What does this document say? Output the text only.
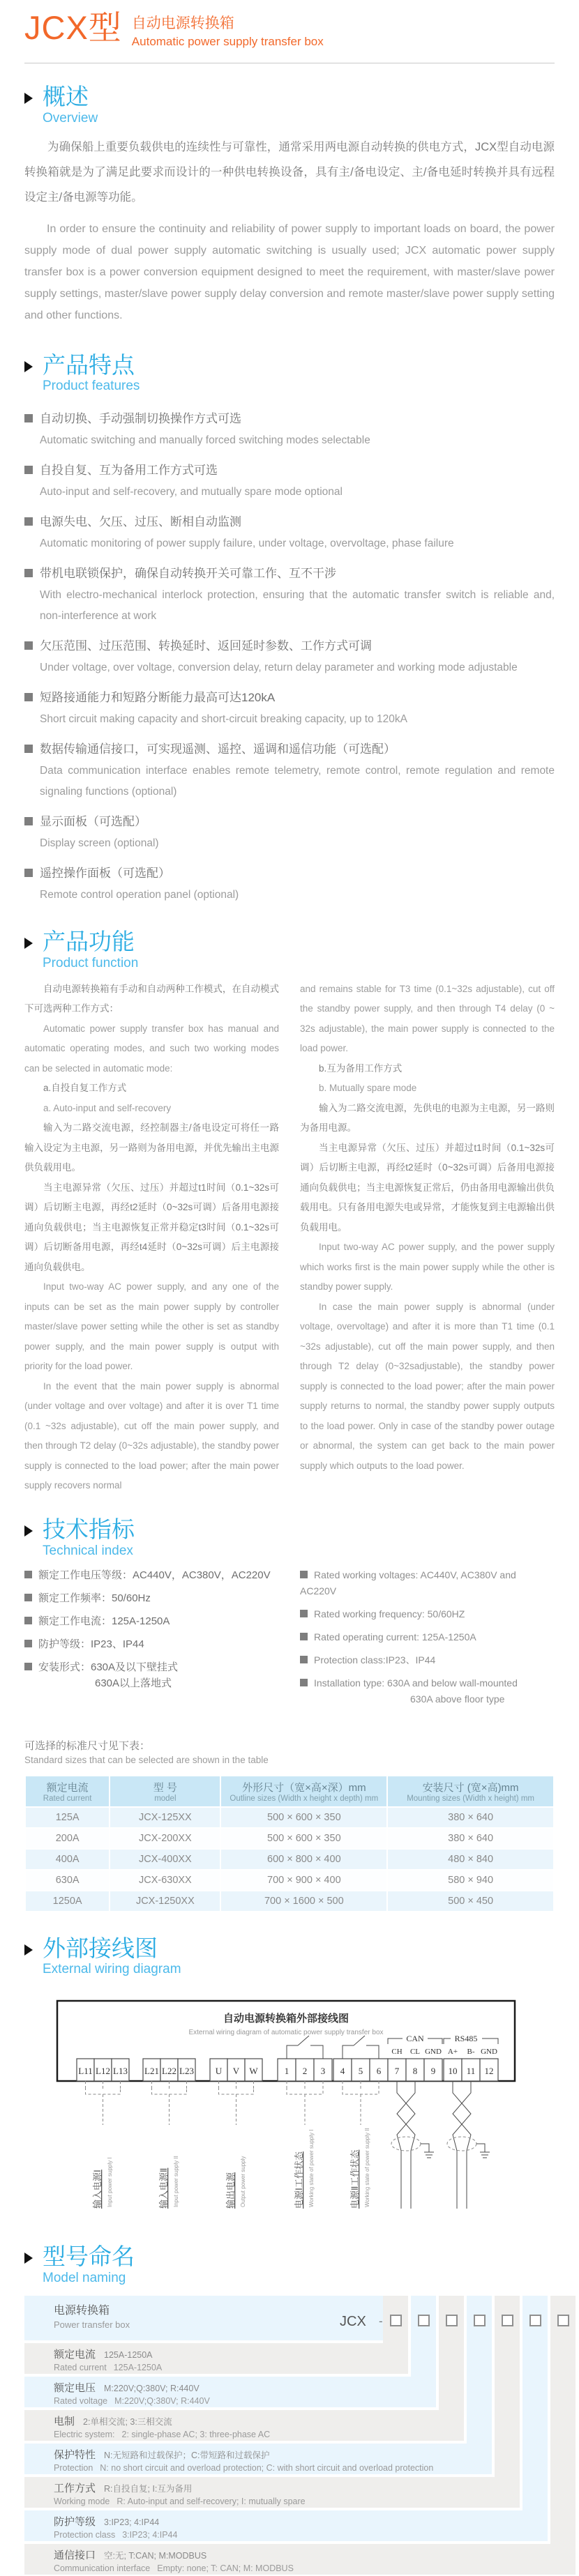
JCX型 自动电源转换箱
Automatic power supply transfer box
概述
Overview

为确保船上重要负载供电的连续性与可靠性，通常采用两电源自动转换的供电方式，JCX型自动电源转换箱就是为了满足此要求而设计的一种供电转换设备，具有主/备电设定、主/备电延时转换并具有远程设定主/备电源等功能。

In order to ensure the continuity and reliability of power supply to important loads on board, the power supply mode of dual power supply automatic switching is usually used; JCX automatic power supply transfer box is a power conversion equipment designed to meet the requirement, with master/slave power supply settings, master/slave power supply delay conversion and remote master/slave power supply setting and other functions.

产品特点
Product features
自动切换、手动强制切换操作方式可选
Automatic switching and manually forced switching modes selectable
自投自复、互为备用工作方式可选
Auto-input and self-recovery, and mutually spare mode optional
电源失电、欠压、过压、断相自动监测
Automatic monitoring of power supply failure, under voltage, overvoltage, phase failure
带机电联锁保护，确保自动转换开关可靠工作、互不干涉
With electro-mechanical interlock protection, ensuring that the automatic transfer switch is reliable and, non-interference at work
欠压范围、过压范围、转换延时、返回延时参数、工作方式可调
Under voltage, over voltage, conversion delay, return delay parameter and working mode adjustable
短路接通能力和短路分断能力最高可达120kA
Short circuit making capacity and short-circuit breaking capacity, up to 120kA
数据传输通信接口，可实现遥测、遥控、遥调和遥信功能（可选配）
Data communication interface enables remote telemetry, remote control, remote regulation and remote signaling functions (optional)
显示面板（可选配）
Display screen (optional)
遥控操作面板（可选配）
Remote control operation panel (optional)
产品功能
Product function

自动电源转换箱有手动和自动两种工作模式，在自动模式下可选两种工作方式：

Automatic power supply transfer box has manual and automatic operating modes, and such two working modes can be selected in automatic mode:

a.自投自复工作方式

a. Auto-input and self-recovery

输入为二路交流电源，经控制器主/备电设定可将任一路输入设定为主电源，另一路则为备用电源，并优先输出主电源供负载用电。

当主电源异常（欠压、过压）并超过t1时间（0.1~32s可调）后切断主电源，再经t2延时（0~32s可调）后备用电源接通向负载供电；当主电源恢复正常并稳定t3时间（0.1~32s可调）后切断备用电源，再经t4延时（0~32s可调）后主电源接通向负载供电。

Input two-way AC power supply, and any one of the inputs can be set as the main power supply by controller master/slave power setting while the other is set as standby power supply, and the main power supply is output with priority for the load power.

In the event that the main power supply is abnormal (under voltage and over voltage) and after it is over T1 time (0.1 ~32s adjustable), cut off the main power supply, and then through T2 delay (0~32s adjustable), the standby power supply is connected to the load power; after the main power supply recovers normal

and remains stable for T3 time (0.1~32s adjustable), cut off the standby power supply, and then through T4 delay (0 ~ 32s adjustable), the main power supply is connected to the load power.

b.互为备用工作方式

b. Mutually spare mode

输入为二路交流电源，先供电的电源为主电源，另一路则为备用电源。

当主电源异常（欠压、过压）并超过t1时间（0.1~32s可调）后切断主电源，再经t2延时（0~32s可调）后备用电源接通向负载供电；当主电源恢复正常后，仍由备用电源输出供负载用电。只有备用电源失电或异常，才能恢复到主电源输出供负载用电。

Input two-way AC power supply, and the power supply which works first is the main power supply while the other is standby power supply.

In case the main power supply is abnormal (under voltage, overvoltage) and after it is more than T1 time (0.1 ~32s adjustable), cut off the main power supply, and then through T2 delay (0~32sadjustable), the standby power supply is connected to the load power; after the main power supply returns to normal, the standby power supply outputs to the load power. Only in case of the standby power outage or abnormal, the system can get back to the main power supply which outputs to the load power.

技术指标
Technical index
额定工作电压等级：AC440V，AC380V，AC220V
额定工作频率：50/60Hz
额定工作电流：125A-1250A
防护等级：IP23、IP44
安装形式：630A及以下壁挂式
630A以上落地式
Rated working voltages: AC440V, AC380V and AC220V
Rated working frequency: 50/60HZ
Rated operating current: 125A-1250A
Protection class:IP23、IP44
Installation type: 630A and below wall-mounted
630A above floor type

可选择的标准尺寸见下表：

Standard sizes that can be selected are shown in the table

额定电流
Rated current	型 号
model	外形尺寸（宽×高×深）mm
Outline sizes (Width x height x depth) mm	安装尺寸 (宽×高)mm
Mounting sizes (Width x height) mm

125A	JCX-125XX	500 × 600 × 350	380 × 640
200A	JCX-200XX	500 × 600 × 350	380 × 640
400A	JCX-400XX	600 × 800 × 400	480 × 840
630A	JCX-630XX	700 × 900 × 400	580 × 940
1250A	JCX-1250XX	700 × 1600 × 500	500 × 450
外部接线图
External wiring diagram
自动电源转换箱外部接线图
External wiring diagram of automatic power supply transfer box
CAN	RS485
CH CL GND A+ B- GND
L11 L12 L13 L21 L22 L23 U V W	1 2 3 4 5 6 7 8 9 10 11 12
输入电源Ⅰ Input power supply I	输入电源Ⅱ Input power supply II	输出电源 Output power supply	电源Ⅰ工作状态 Working state of power supply I	电源Ⅱ工作状态 Working state of power supply II
型号命名
Model naming
JCX -
电源转换箱
Power transfer box
额定电流 125A-1250A
Rated current 125A-1250A
额定电压 M:220V;Q:380V; R:440V
Rated voltage M:220V;Q:380V; R:440V
电制 2:单相交流; 3:三相交流
Electric system: 2: single-phase AC; 3: three-phase AC
保护特性 N:无短路和过载保护；C:带短路和过载保护
Protection N: no short circuit and overload protection; C: with short circuit and overload protection
工作方式 R:自投自复; I:互为备用
Working mode R: Auto-input and self-recovery; I: mutually spare
防护等级 3:IP23; 4:IP44
Protection class 3:IP23; 4:IP44
通信接口 空:无; T:CAN; M:MODBUS
Communication interface Empty: none; T: CAN; M: MODBUS
